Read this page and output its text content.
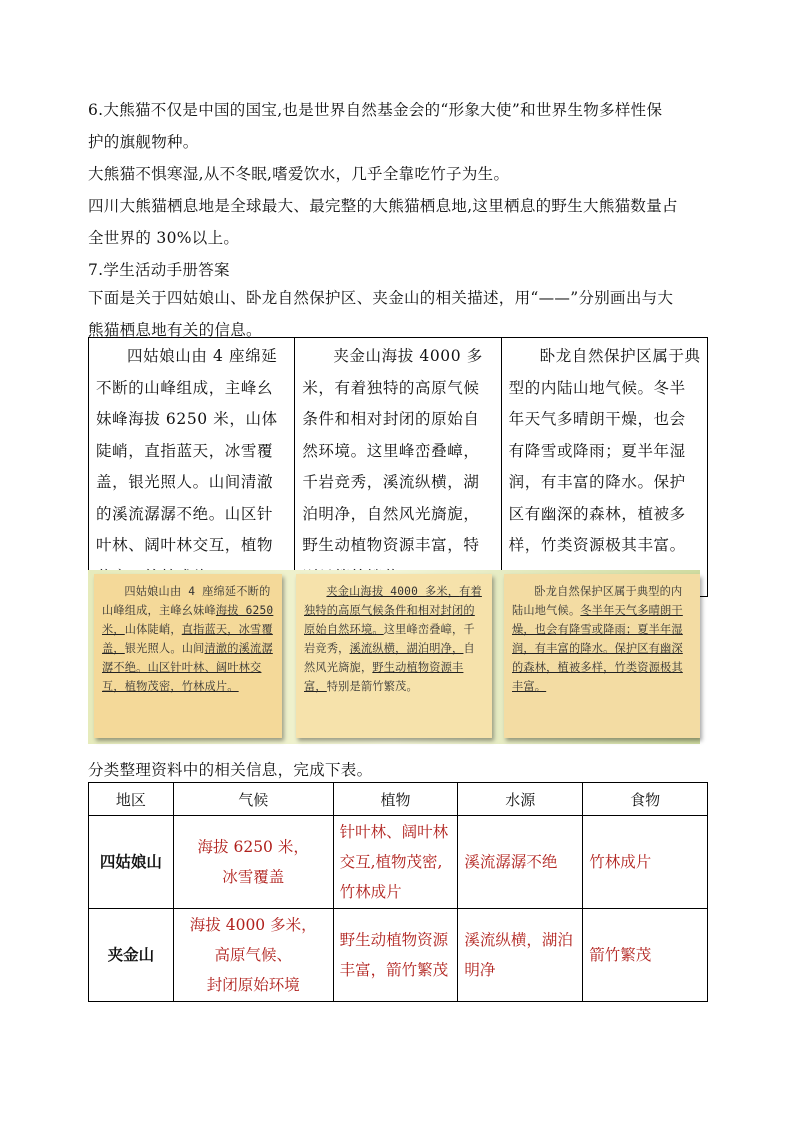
6.大熊猫不仅是中国的国宝,也是世界自然基金会的“形象大使”和世界生物多样性保
护的旗舰物种。
大熊猫不惧寒湿,从不冬眠,嗜爱饮水，几乎全靠吃竹子为生。
四川大熊猫栖息地是全球最大、最完整的大熊猫栖息地,这里栖息的野生大熊猫数量占
全世界的 30%以上。
7.学生活动手册答案
下面是关于四姑娘山、卧龙自然保护区、夹金山的相关描述，用“——”分别画出与大
熊猫栖息地有关的信息。
四姑娘山由 4 座绵延不断的山峰组成，主峰幺妹峰海拔 6250 米，山体陡峭，直指蓝天，冰雪覆盖，银光照人。山间清澈的溪流潺潺不绝。山区针叶林、阔叶林交互，植物	夹金山海拔 4000 多米，有着独特的高原气候条件和相对封闭的原始自然环境。这里峰峦叠嶂，千岩竞秀，溪流纵横，湖泊明净，自然风光旖旎，野生动植物资源丰富，特	卧龙自然保护区属于典型的内陆山地气候。冬半年天气多晴朗干燥，也会有降雪或降雨；夏半年湿润，有丰富的降水。保护区有幽深的森林，植被多样，竹类资源极其丰富。
四姑娘山由 4 座绵延不断的山峰组成，主峰幺妹峰海拔 6250 米，山体陡峭，直指蓝天，冰雪覆盖，银光照人。山间清澈的溪流潺潺不绝。山区针叶林、阔叶林交互，植物茂密，竹林成片。
夹金山海拔 4000 多米，有着独特的高原气候条件和相对封闭的原始自然环境。这里峰峦叠嶂，千岩竞秀，溪流纵横，湖泊明净，自然风光旖旎，野生动植物资源丰富，特别是箭竹繁茂。
卧龙自然保护区属于典型的内陆山地气候。冬半年天气多晴朗干燥，也会有降雪或降雨；夏半年湿润，有丰富的降水。保护区有幽深的森林，植被多样，竹类资源极其丰富。
分类整理资料中的相关信息，完成下表。
地区	气候	植物	水源	食物
四姑娘山	海拔 6250 米，
冰雪覆盖	针叶林、阔叶林交互,植物茂密,竹林成片	溪流潺潺不绝	竹林成片
夹金山	海拔 4000 多米，
高原气候、
封闭原始环境	野生动植物资源丰富，箭竹繁茂	溪流纵横，湖泊明净	箭竹繁茂
